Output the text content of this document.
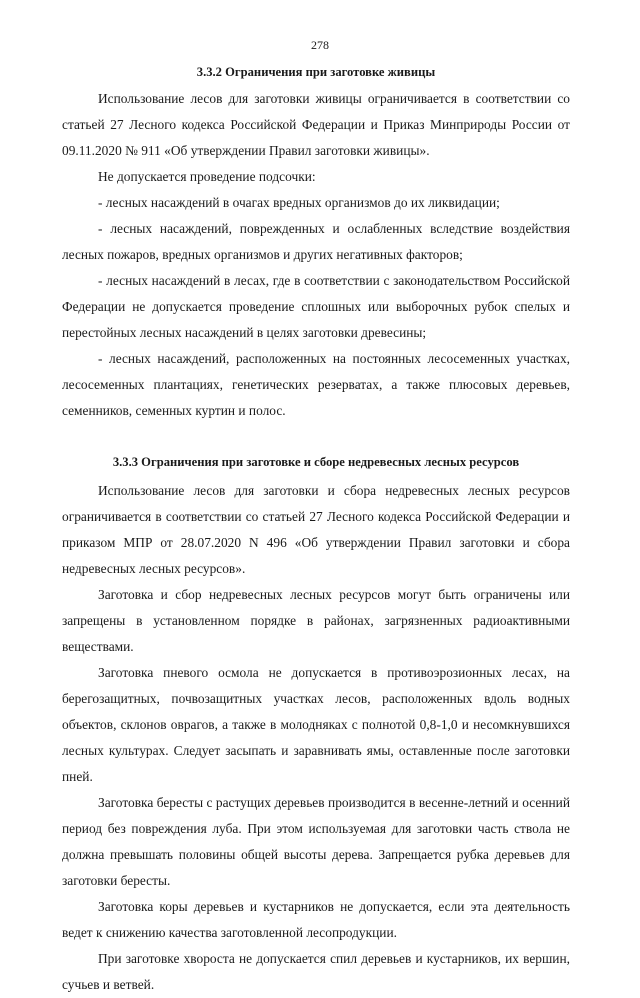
278
3.3.2 Ограничения при заготовке живицы

Использование лесов для заготовки живицы ограничивается в соответствии со статьей 27 Лесного кодекса Российской Федерации и Приказ Минприроды России от 09.11.2020 № 911 «Об утверждении Правил заготовки живицы».

Не допускается проведение подсочки:

- лесных насаждений в очагах вредных организмов до их ликвидации;

- лесных насаждений, поврежденных и ослабленных вследствие воздействия лесных пожаров, вредных организмов и других негативных факторов;

- лесных насаждений в лесах, где в соответствии с законодательством Российской Федерации не допускается проведение сплошных или выборочных рубок спелых и перестойных лесных насаждений в целях заготовки древесины;

- лесных насаждений, расположенных на постоянных лесосеменных участках, лесосеменных плантациях, генетических резерватах, а также плюсовых деревьев, семенников, семенных куртин и полос.

3.3.3 Ограничения при заготовке и сборе недревесных лесных ресурсов

Использование лесов для заготовки и сбора недревесных лесных ресурсов ограничивается в соответствии со статьей 27 Лесного кодекса Российской Федерации и приказом МПР от 28.07.2020 N 496 «Об утверждении Правил заготовки и сбора недревесных лесных ресурсов».

Заготовка и сбор недревесных лесных ресурсов могут быть ограничены или запрещены в установленном порядке в районах, загрязненных радиоактивными веществами.

Заготовка пневого осмола не допускается в противоэрозионных лесах, на берегозащитных, почвозащитных участках лесов, расположенных вдоль водных объектов, склонов оврагов, а также в молодняках с полнотой 0,8-1,0 и несомкнувшихся лесных культурах. Следует засыпать и заравнивать ямы, оставленные после заготовки пней.

Заготовка бересты с растущих деревьев производится в весенне-летний и осенний период без повреждения луба. При этом используемая для заготовки часть ствола не должна превышать половины общей высоты дерева. Запрещается рубка деревьев для заготовки бересты.

Заготовка коры деревьев и кустарников не допускается, если эта деятельность ведет к снижению качества заготовленной лесопродукции.

При заготовке хвороста не допускается спил деревьев и кустарников, их вершин, сучьев и ветвей.
